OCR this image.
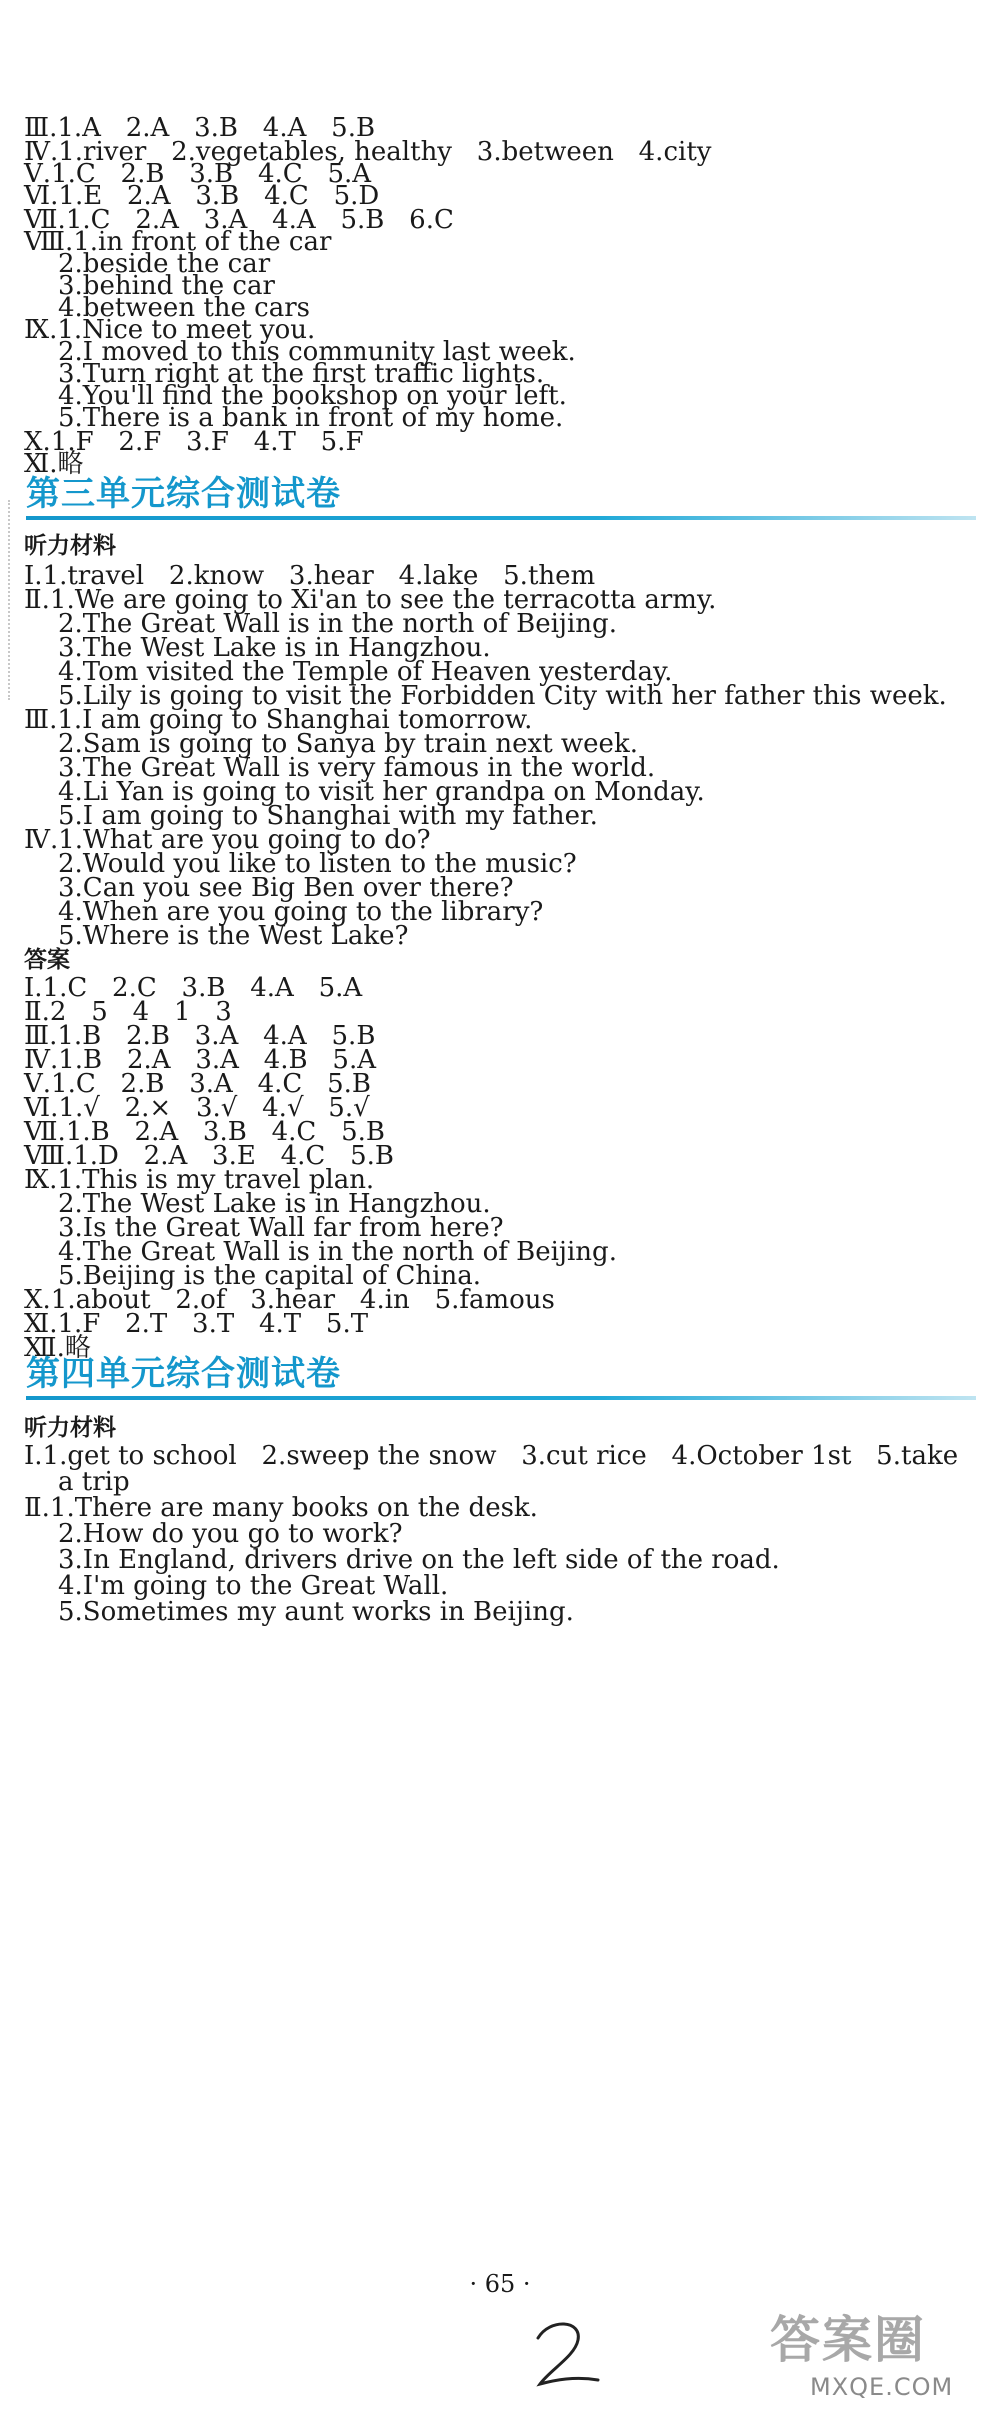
Ⅲ.1.A   2.A   3.B   4.A   5.B
Ⅳ.1.river   2.vegetables, healthy   3.between   4.city
Ⅴ.1.C   2.B   3.B   4.C   5.A
Ⅵ.1.E   2.A   3.B   4.C   5.D
Ⅶ.1.C   2.A   3.A   4.A   5.B   6.C
Ⅷ.1.in front of the car
2.beside the car
3.behind the car
4.between the cars
Ⅸ.1.Nice to meet you.
2.I moved to this community last week.
3.Turn right at the first traffic lights.
4.You'll find the bookshop on your left.
5.There is a bank in front of my home.
Ⅹ.1.F   2.F   3.F   4.T   5.F
Ⅺ.略
第三单元综合测试卷
听力材料
Ⅰ.1.travel   2.know   3.hear   4.lake   5.them
Ⅱ.1.We are going to Xi'an to see the terracotta army.
2.The Great Wall is in the north of Beijing.
3.The West Lake is in Hangzhou.
4.Tom visited the Temple of Heaven yesterday.
5.Lily is going to visit the Forbidden City with her father this week.
Ⅲ.1.I am going to Shanghai tomorrow.
2.Sam is going to Sanya by train next week.
3.The Great Wall is very famous in the world.
4.Li Yan is going to visit her grandpa on Monday.
5.I am going to Shanghai with my father.
Ⅳ.1.What are you going to do?
2.Would you like to listen to the music?
3.Can you see Big Ben over there?
4.When are you going to the library?
5.Where is the West Lake?
答案
Ⅰ.1.C   2.C   3.B   4.A   5.A
Ⅱ.2   5   4   1   3
Ⅲ.1.B   2.B   3.A   4.A   5.B
Ⅳ.1.B   2.A   3.A   4.B   5.A
Ⅴ.1.C   2.B   3.A   4.C   5.B
Ⅵ.1.√   2.×   3.√   4.√   5.√
Ⅶ.1.B   2.A   3.B   4.C   5.B
Ⅷ.1.D   2.A   3.E   4.C   5.B
Ⅸ.1.This is my travel plan.
2.The West Lake is in Hangzhou.
3.Is the Great Wall far from here?
4.The Great Wall is in the north of Beijing.
5.Beijing is the capital of China.
Ⅹ.1.about   2.of   3.hear   4.in   5.famous
Ⅺ.1.F   2.T   3.T   4.T   5.T
Ⅻ.略
第四单元综合测试卷
听力材料
Ⅰ.1.get to school   2.sweep the snow   3.cut rice   4.October 1st   5.take
a trip
Ⅱ.1.There are many books on the desk.
2.How do you go to work?
3.In England, drivers drive on the left side of the road.
4.I'm going to the Great Wall.
5.Sometimes my aunt works in Beijing.
· 65 ·
2
答案圈
MXQE.COM
